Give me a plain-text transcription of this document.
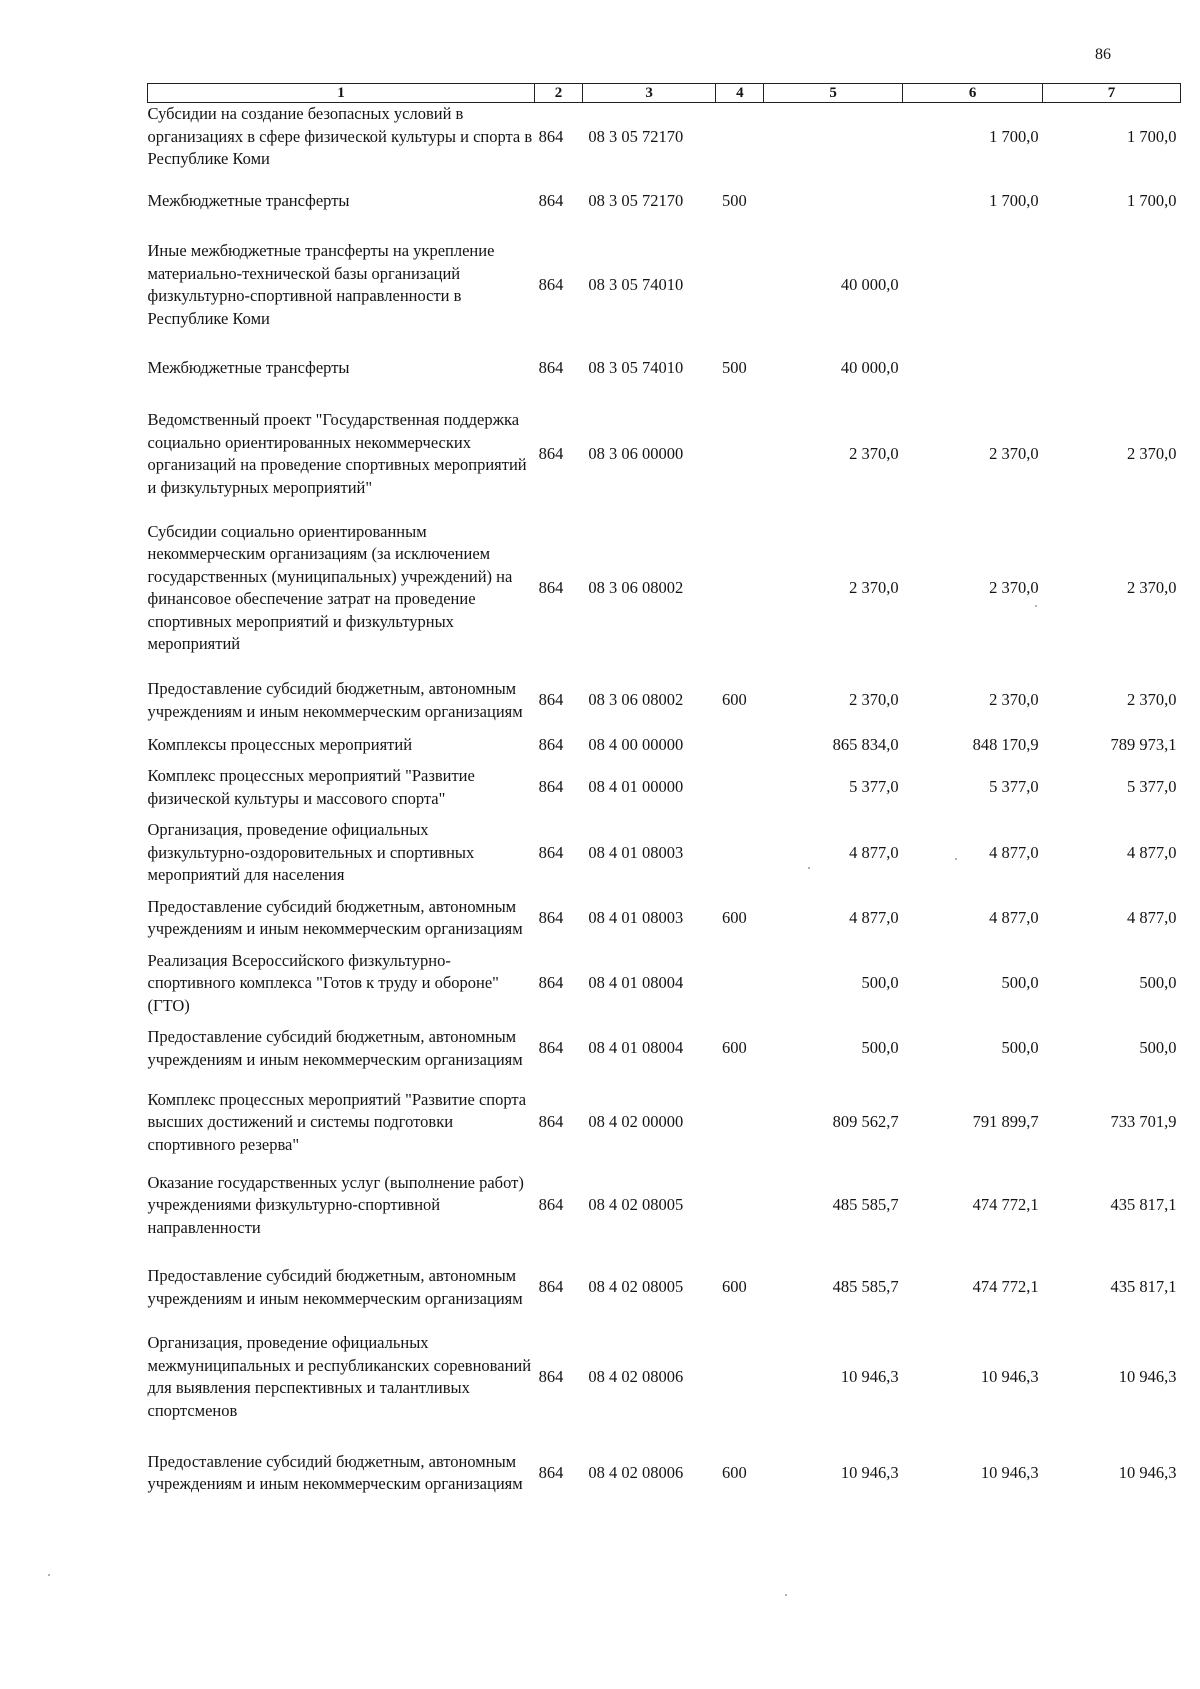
86
1	2	3	4	5	6	7
Субсидии на создание безопасных условий в организациях в сфере физической культуры и спорта в Республике Коми	864	08 3 05 72170			1 700,0	1 700,0
Межбюджетные трансферты	864	08 3 05 72170	500		1 700,0	1 700,0
Иные межбюджетные трансферты на укрепление материально-технической базы организаций физкультурно-спортивной направленности в Республике Коми	864	08 3 05 74010		40 000,0		
Межбюджетные трансферты	864	08 3 05 74010	500	40 000,0		
Ведомственный проект "Государственная поддержка социально ориентированных некоммерческих организаций на проведение спортивных мероприятий и физкультурных мероприятий"	864	08 3 06 00000		2 370,0	2 370,0	2 370,0
Субсидии социально ориентированным некоммерческим организациям (за исключением государственных (муниципальных) учреждений) на финансовое обеспечение затрат на проведение спортивных мероприятий и физкультурных мероприятий	864	08 3 06 08002		2 370,0	2 370,0	2 370,0
Предоставление субсидий бюджетным, автономным учреждениям и иным некоммерческим организациям	864	08 3 06 08002	600	2 370,0	2 370,0	2 370,0
Комплексы процессных мероприятий	864	08 4 00 00000		865 834,0	848 170,9	789 973,1
Комплекс процессных мероприятий "Развитие физической культуры и массового спорта"	864	08 4 01 00000		5 377,0	5 377,0	5 377,0
Организация, проведение официальных физкультурно-оздоровительных и спортивных мероприятий для населения	864	08 4 01 08003		4 877,0	4 877,0	4 877,0
Предоставление субсидий бюджетным, автономным учреждениям и иным некоммерческим организациям	864	08 4 01 08003	600	4 877,0	4 877,0	4 877,0
Реализация Всероссийского физкультурно-спортивного комплекса "Готов к труду и обороне" (ГТО)	864	08 4 01 08004		500,0	500,0	500,0
Предоставление субсидий бюджетным, автономным учреждениям и иным некоммерческим организациям	864	08 4 01 08004	600	500,0	500,0	500,0
Комплекс процессных мероприятий "Развитие спорта высших достижений и системы подготовки спортивного резерва"	864	08 4 02 00000		809 562,7	791 899,7	733 701,9
Оказание государственных услуг (выполнение работ) учреждениями физкультурно-спортивной направленности	864	08 4 02 08005		485 585,7	474 772,1	435 817,1
Предоставление субсидий бюджетным, автономным учреждениям и иным некоммерческим организациям	864	08 4 02 08005	600	485 585,7	474 772,1	435 817,1
Организация, проведение официальных межмуниципальных и республиканских соревнований для выявления перспективных и талантливых спортсменов	864	08 4 02 08006		10 946,3	10 946,3	10 946,3
Предоставление субсидий бюджетным, автономным учреждениям и иным некоммерческим организациям	864	08 4 02 08006	600	10 946,3	10 946,3	10 946,3
